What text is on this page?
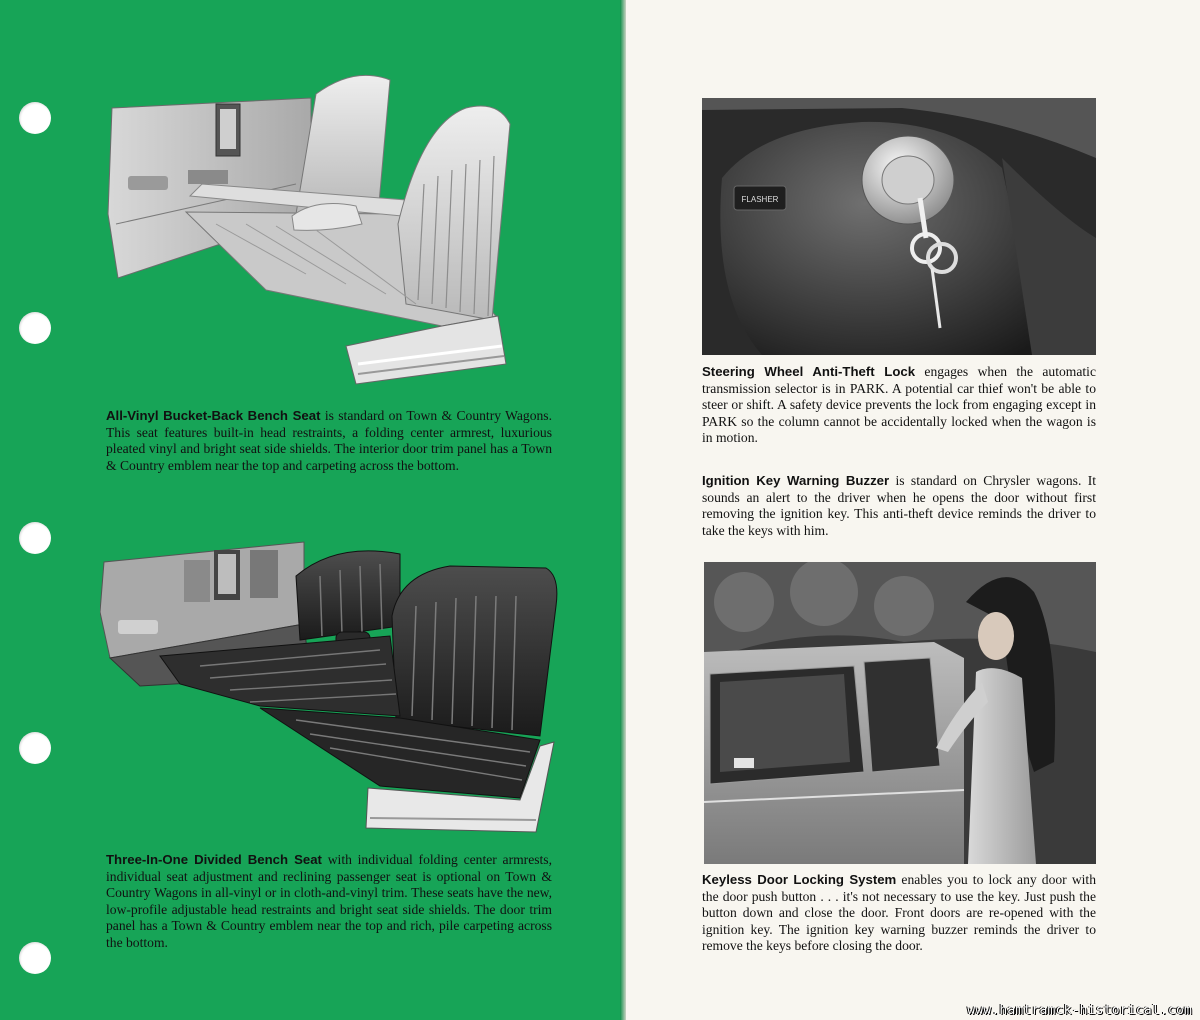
All-Vinyl Bucket-Back Bench Seat is standard on Town & Country Wagons. This seat features built-in head restraints, a folding center armrest, luxurious pleated vinyl and bright seat side shields. The interior door trim panel has a Town & Country emblem near the top and carpeting across the bottom.

Three-In-One Divided Bench Seat with individual folding center armrests, individual seat adjustment and reclining passenger seat is optional on Town & Country Wagons in all-vinyl or in cloth-and-vinyl trim. These seats have the new, low-profile adjustable head restraints and bright seat side shields. The door trim panel has a Town & Country emblem near the top and rich, pile carpeting across the bottom.

FLASHER

Steering Wheel Anti-Theft Lock engages when the automatic transmission selector is in PARK. A potential car thief won't be able to steer or shift. A safety device prevents the lock from engaging except in PARK so the column cannot be accidentally locked when the wagon is in motion.

Ignition Key Warning Buzzer is standard on Chrysler wagons. It sounds an alert to the driver when he opens the door without first removing the ignition key. This anti-theft device reminds the driver to take the keys with him.

Keyless Door Locking System enables you to lock any door with the door push button . . . it's not necessary to use the key. Just push the button down and close the door. Front doors are re-opened with the ignition key. The ignition key warning buzzer reminds the driver to remove the keys before closing the door.

www.hamtramck-historical.com
